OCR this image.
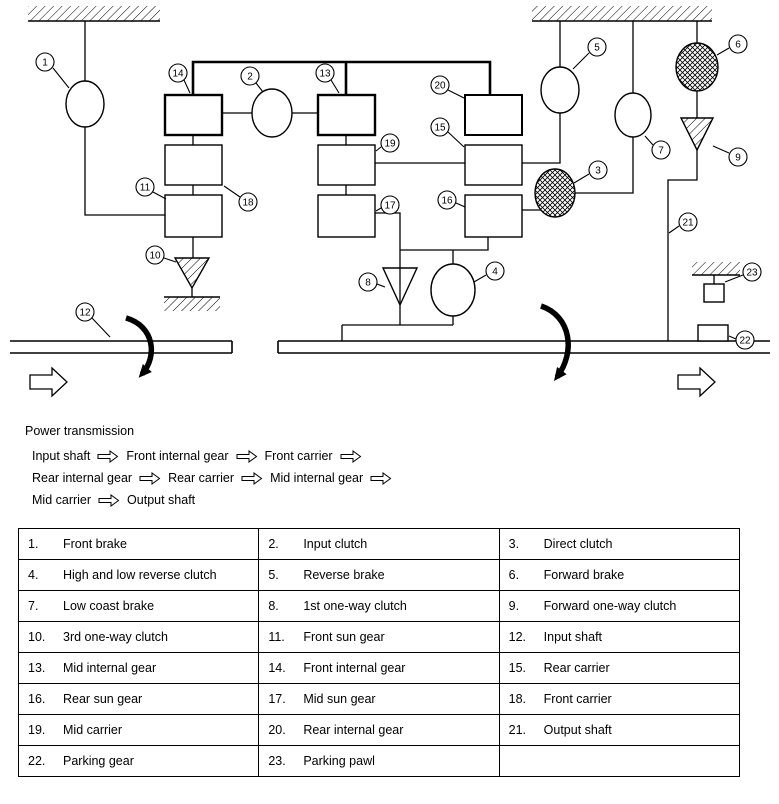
1
2
3
4
5	6
7
8
9
10
11
12
13
14
15
16
17
18
19
20
21
22
23
Power transmission
Input shaft	Front internal gear	Front carrier
Rear internal gear	Rear carrier	Mid internal gear
Mid carrier	Output shaft
1. Front brake	2. Input clutch	3. Direct clutch
4. High and low reverse clutch	5. Reverse brake	6. Forward brake
7. Low coast brake	8. 1st one-way clutch	9. Forward one-way clutch
10. 3rd one-way clutch	11. Front sun gear	12. Input shaft
13. Mid internal gear	14. Front internal gear	15. Rear carrier
16. Rear sun gear	17. Mid sun gear	18. Front carrier
19. Mid carrier	20. Rear internal gear	21. Output shaft
22. Parking gear	23. Parking pawl	
